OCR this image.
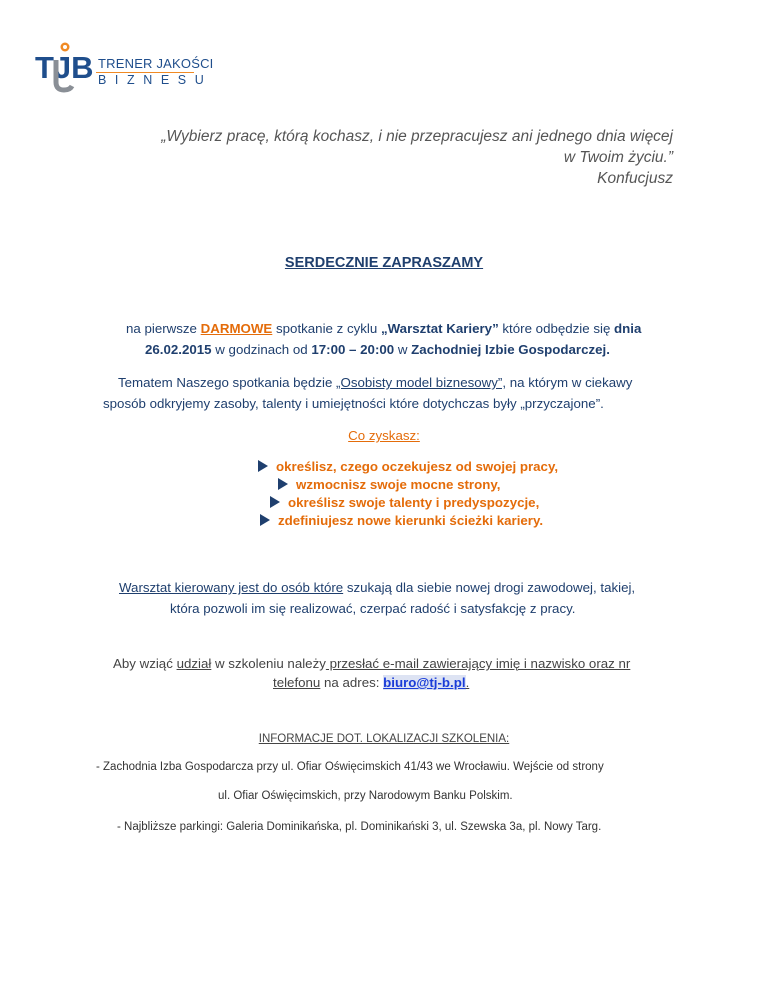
TJB TRENER JAKOŚCI
BIZNESU
„Wybierz pracę, którą kochasz, i nie przepracujesz ani jednego dnia więcej
w Twoim życiu.”
Konfucjusz
SERDECZNIE ZAPRASZAMY
na pierwsze DARMOWE spotkanie z cyklu „Warsztat Kariery” które odbędzie się dnia
26.02.2015 w godzinach od 17:00 – 20:00 w Zachodniej Izbie Gospodarczej.
Tematem Naszego spotkania będzie „Osobisty model biznesowy”, na którym w ciekawy
sposób odkryjemy zasoby, talenty i umiejętności które dotychczas były „przyczajone”.
Co zyskasz:
określisz, czego oczekujesz od swojej pracy,
wzmocnisz swoje mocne strony,
określisz swoje talenty i predyspozycje,
zdefiniujesz nowe kierunki ścieżki kariery.
Warsztat kierowany jest do osób które szukają dla siebie nowej drogi zawodowej, takiej,
która pozwoli im się realizować, czerpać radość i satysfakcję z pracy.
Aby wziąć udział w szkoleniu należy przesłać e-mail zawierający imię i nazwisko oraz nr
telefonu na adres: biuro@tj-b.pl.
INFORMACJE DOT. LOKALIZACJI SZKOLENIA:
- Zachodnia Izba Gospodarcza przy ul. Ofiar Oświęcimskich 41/43 we Wrocławiu. Wejście od strony
ul. Ofiar Oświęcimskich, przy Narodowym Banku Polskim.
- Najbliższe parkingi: Galeria Dominikańska, pl. Dominikański 3, ul. Szewska 3a, pl. Nowy Targ.
